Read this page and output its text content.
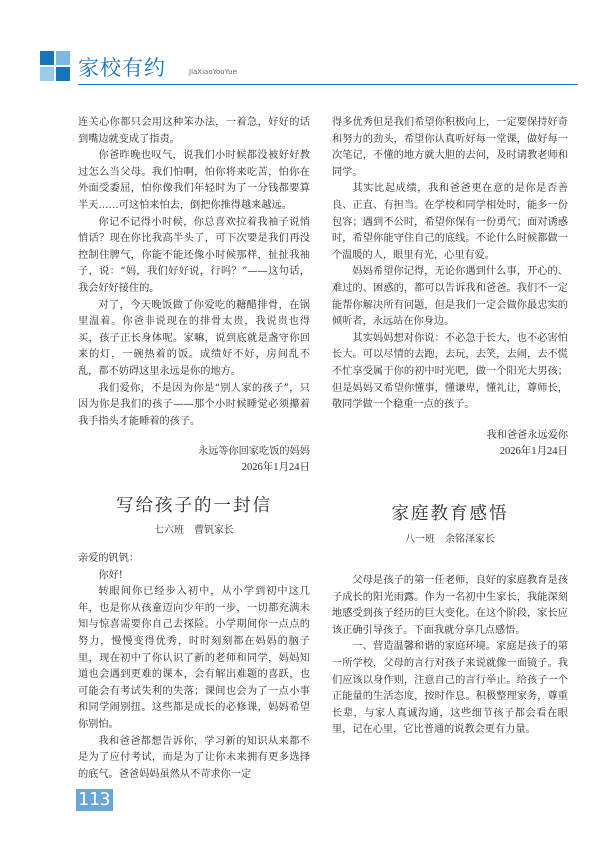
家校有约	JiaXiaoYouYue

连关心你都只会用这种笨办法，一着急，好好的话到嘴边就变成了指责。

你爸昨晚也叹气，说我们小时候都没被好好教过怎么当父母。我们怕啊，怕你将来吃苦，怕你在外面受委屈，怕你像我们年轻时为了一分钱都要算半天……可这怕来怕去，倒把你推得越来越远。

你记不记得小时候，你总喜欢拉着我袖子说悄悄话？现在你比我高半头了，可下次要是我们再没控制住脾气，你能不能还像小时候那样，扯扯我袖子，说：“妈，我们好好说，行吗？”——这句话，我会好好接住的。

对了，今天晚饭做了你爱吃的糖醋排骨，在锅里温着。你爸非说现在的排骨太贵，我说贵也得买，孩子正长身体呢。家嘛，说到底就是盏守你回来的灯，一碗热着的饭。成绩好不好，房间乱不乱，都不妨碍这里永远是你的地方。

我们爱你，不是因为你是“别人家的孩子”，只因为你是我们的孩子——那个小时候睡觉必须攥着我手指头才能睡着的孩子。

永远等你回家吃饭的妈妈
2026年1月24日

得多优秀但是我们希望你积极向上，一定要保持好奇和努力的劲头，希望你认真听好每一堂课，做好每一次笔记，不懂的地方就大胆的去问，及时请教老师和同学。

其实比起成绩，我和爸爸更在意的是你是否善良、正直、有担当。在学校和同学相处时，能多一份包容；遇到不公时，希望你保有一份勇气；面对诱惑时，希望你能守住自己的底线。不论什么时候都做一个温暖的人，眼里有光，心里有爱。

妈妈希望你记得，无论你遇到什么事，开心的、难过的、困惑的，都可以告诉我和爸爸。我们不一定能帮你解决所有问题，但是我们一定会做你最忠实的倾听者，永远站在你身边。

其实妈妈想对你说：不必急于长大，也不必害怕长大。可以尽情的去跑，去玩，去笑，去闹，去不慌不忙享受属于你的初中时光吧，做一个阳光大男孩；但是妈妈又希望你懂事，懂谦卑，懂礼让，尊师长，敬同学做一个稳重一点的孩子。

我和爸爸永远爱你
2026年1月24日
写给孩子的一封信
七六班　曹钒家长

亲爱的钒钒：

你好!

转眼间你已经步入初中，从小学到初中这几年，也是你从孩童迈向少年的一步，一切都充满未知与惊喜需要你自己去探险。小学期间你一点点的努力，慢慢变得优秀，时时刻刻都在妈妈的脑子里，现在初中了你认识了新的老师和同学，妈妈知道也会遇到更难的课本，会有解出难题的喜跃，也可能会有考试失利的失落；课间也会为了一点小事和同学闹别扭。这些都是成长的必修课，妈妈希望你别怕。

我和爸爸都想告诉你，学习新的知识从来都不是为了应付考试，而是为了让你未来拥有更多选择的底气。爸爸妈妈虽然从不苛求你一定

家庭教育感悟
八一班　余铭泽家长

父母是孩子的第一任老师，良好的家庭教育是孩子成长的阳光雨露。作为一名初中生家长，我能深刻地感受到孩子经历的巨大变化。在这个阶段，家长应该正确引导孩子。下面我就分享几点感悟。

一、营造温馨和谐的家庭环境。家庭是孩子的第一所学校，父母的言行对孩子来说就像一面镜子。我们应该以身作则，注意自己的言行举止。给孩子一个正能量的生活态度，按时作息。积极整理家务，尊重长辈，与家人真诚沟通，这些细节孩子都会看在眼里，记在心里，它比普通的说教会更有力量。

113
